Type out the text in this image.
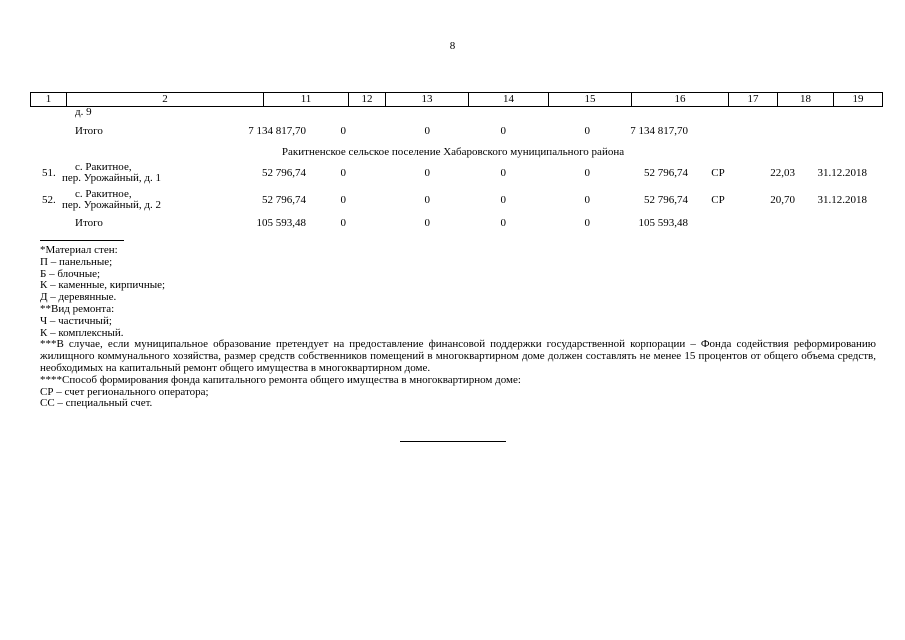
8
1	2	11	12	13	14	15	16	17	18	19
д. 9
Итого	7 134 817,70	0	0	0	0	7 134 817,70
Ракитненское сельское поселение Хабаровского муниципального района
51. с. Ракитное,
пер. Урожайный, д. 1	52 796,74	0	0	0	0	52 796,74	СР	22,03	31.12.2018
52. с. Ракитное,
пер. Урожайный, д. 2	52 796,74	0	0	0	0	52 796,74	СР	20,70	31.12.2018
Итого	105 593,48	0	0	0	0	105 593,48
*Материал стен:
П – панельные;
Б – блочные;
К – каменные, кирпичные;
Д – деревянные.
**Вид ремонта:
Ч – частичный;
К – комплексный.
***В случае, если муниципальное образование претендует на предоставление финансовой поддержки государственной корпорации – Фонда содействия реформированию жилищного коммунального хозяйства, размер средств собственников помещений в многоквартирном доме должен составлять не менее 15 процентов от общего объема средств, необходимых на капитальный ремонт общего имущества в многоквартирном доме.
****Способ формирования фонда капитального ремонта общего имущества в многоквартирном доме:
СР – счет регионального оператора;
СС – специальный счет.
